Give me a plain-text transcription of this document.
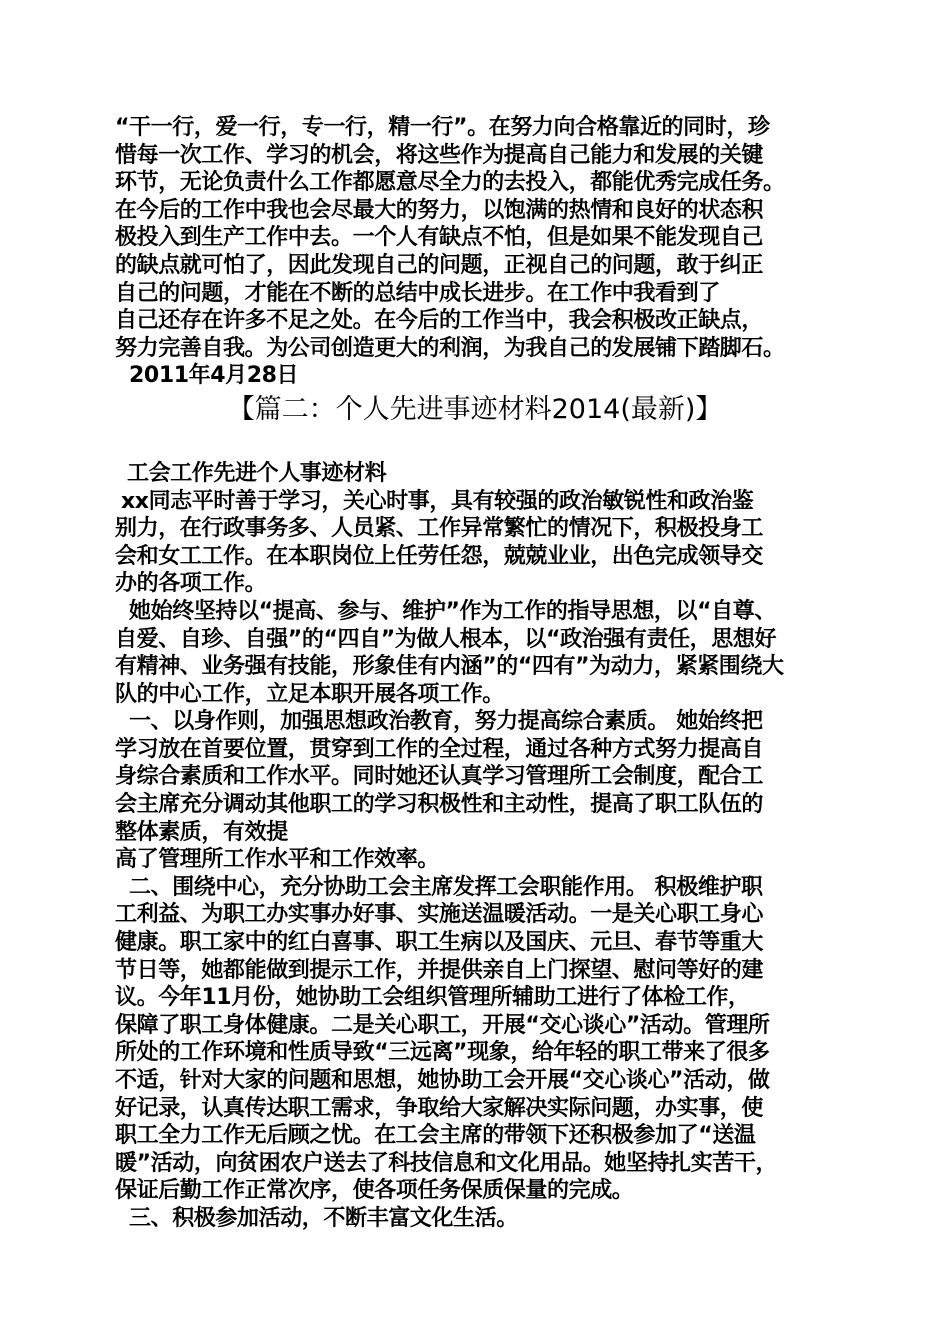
“干一行，爱一行，专一行，精一行”。在努力向合格靠近的同时，珍
惜每一次工作、学习的机会，将这些作为提高自己能力和发展的关键
环节，无论负责什么工作都愿意尽全力的去投入，都能优秀完成任务。
在今后的工作中我也会尽最大的努力，以饱满的热情和良好的状态积
极投入到生产工作中去。一个人有缺点不怕，但是如果不能发现自己
的缺点就可怕了，因此发现自己的问题，正视自己的问题，敢于纠正
自己的问题，才能在不断的总结中成长进步。在工作中我看到了
自己还存在许多不足之处。在今后的工作当中，我会积极改正缺点，
努力完善自我。为公司创造更大的利润，为我自己的发展铺下踏脚石。
2011年4月28日
【篇二：个人先进事迹材料2014(最新)】
工会工作先进个人事迹材料
xx同志平时善于学习，关心时事，具有较强的政治敏锐性和政治鉴
别力，在行政事务多、人员紧、工作异常繁忙的情况下，积极投身工
会和女工工作。在本职岗位上任劳任怨，兢兢业业，出色完成领导交
办的各项工作。
她始终坚持以“提高、参与、维护”作为工作的指导思想，以“自尊、
自爱、自珍、自强”的“四自”为做人根本，以“政治强有责任，思想好
有精神、业务强有技能，形象佳有内涵”的“四有”为动力，紧紧围绕大
队的中心工作，立足本职开展各项工作。
一、以身作则，加强思想政治教育，努力提高综合素质。 她始终把
学习放在首要位置，贯穿到工作的全过程，通过各种方式努力提高自
身综合素质和工作水平。同时她还认真学习管理所工会制度，配合工
会主席充分调动其他职工的学习积极性和主动性，提高了职工队伍的
整体素质，有效提
高了管理所工作水平和工作效率。
二、围绕中心，充分协助工会主席发挥工会职能作用。 积极维护职
工利益、为职工办实事办好事、实施送温暖活动。一是关心职工身心
健康。职工家中的红白喜事、职工生病以及国庆、元旦、春节等重大
节日等，她都能做到提示工作，并提供亲自上门探望、慰问等好的建
议。今年11月份，她协助工会组织管理所辅助工进行了体检工作，
保障了职工身体健康。二是关心职工，开展“交心谈心”活动。管理所
所处的工作环境和性质导致“三远离”现象，给年轻的职工带来了很多
不适，针对大家的问题和思想，她协助工会开展“交心谈心”活动，做
好记录，认真传达职工需求，争取给大家解决实际问题，办实事，使
职工全力工作无后顾之忧。在工会主席的带领下还积极参加了“送温
暖”活动，向贫困农户送去了科技信息和文化用品。她坚持扎实苦干，
保证后勤工作正常次序，使各项任务保质保量的完成。
三、积极参加活动，不断丰富文化生活。
